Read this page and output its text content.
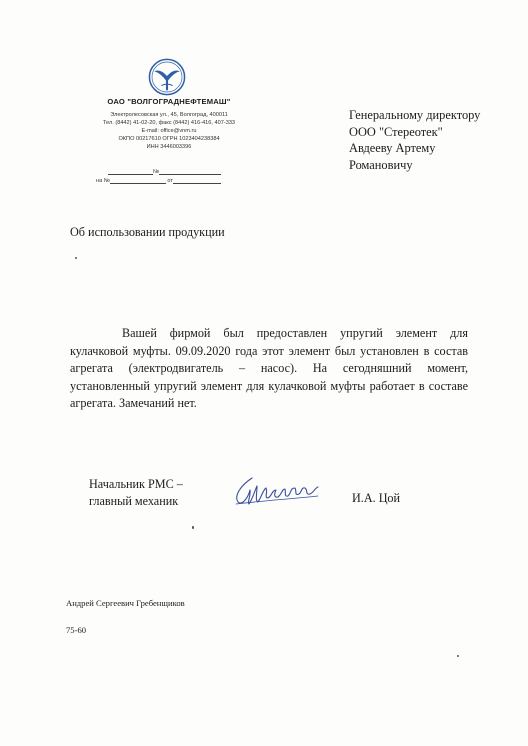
ОАО "ВОЛГОГРАДНЕФТЕМАШ"
Электролесовская ул., 45, Волгоград, 400011
Тел. (8442) 41-02-20, факс (8442) 416-416, 407-333
E-mail: office@vnm.ru
ОКПО 00217610 ОГРН 1023404238384
ИНН 3446003396
№
на №	от
Генеральному директору
ООО "Стереотек"
Авдееву Артему
Романовичу
Об использовании продукции
Вашей фирмой был предоставлен упругий элемент для кулачковой муфты. 09.09.2020 года этот элемент был установлен в состав агрегата (электродвигатель – насос). На сегодняшний момент, установленный упругий элемент для кулачковой муфты работает в составе агрегата. Замечаний нет.
Начальник РМС –
главный механик	И.А. Цой
Андрей Сергеевич Гребенщиков
75-60
